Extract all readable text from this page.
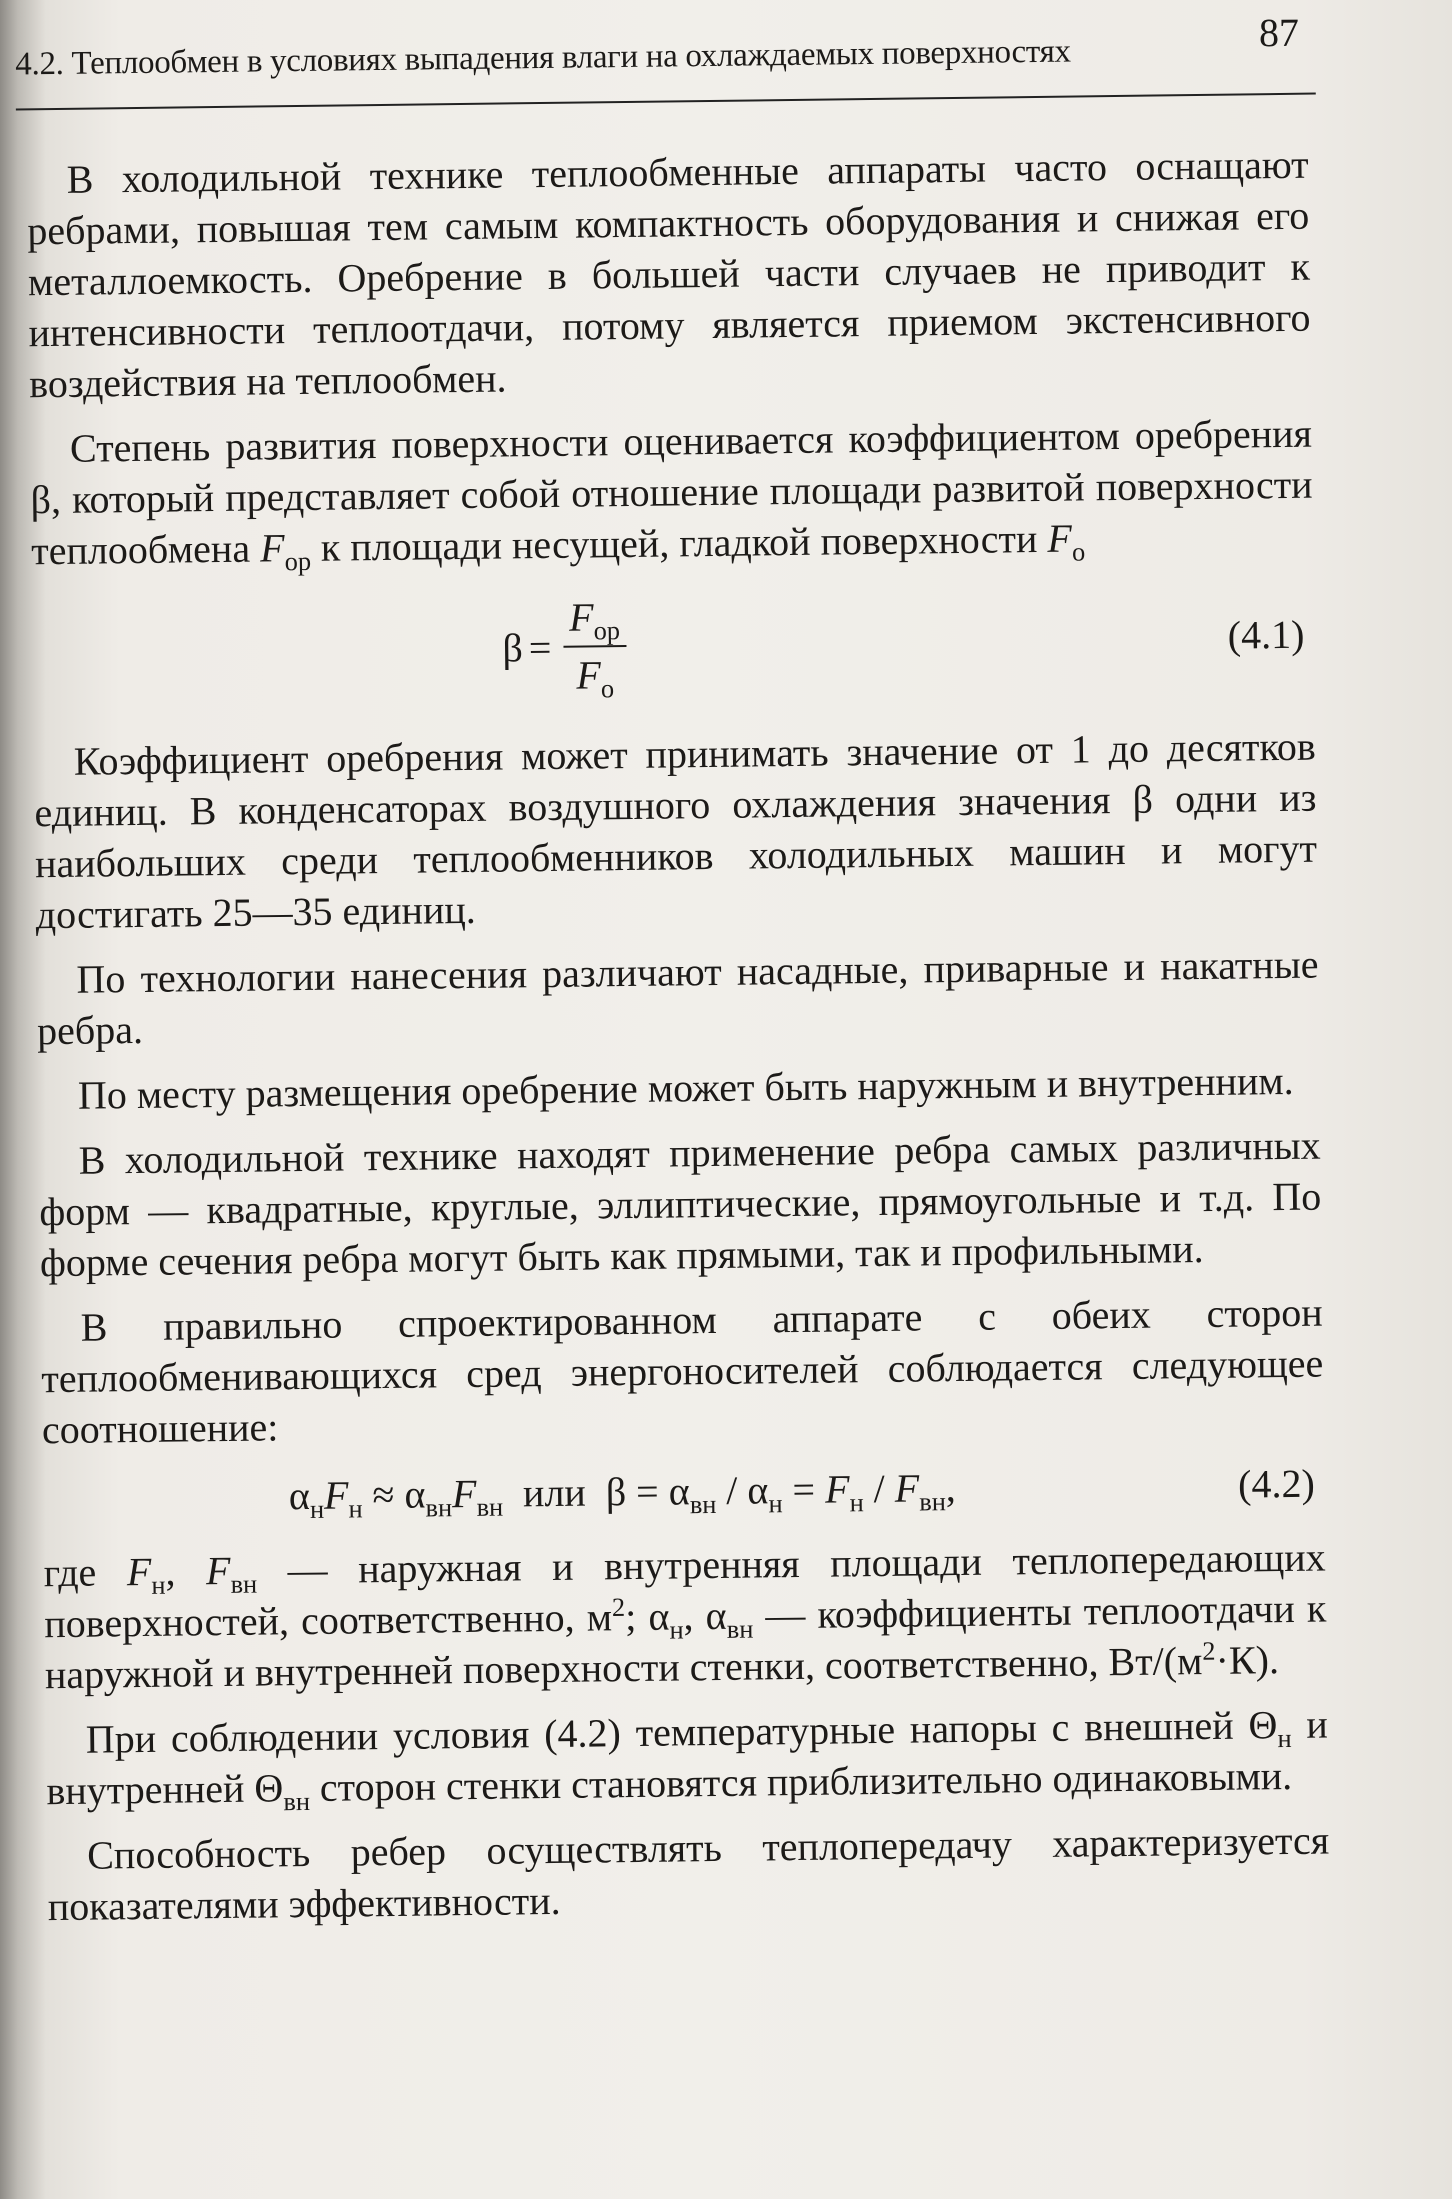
4.2. Теплообмен в условиях выпадения влаги на охлаждаемых поверхностях
87

В холодильной технике теплообменные аппараты часто оснащают ребрами, повышая тем самым компактность оборудования и снижая его металлоемкость. Оребрение в большей части случаев не приводит к интенсивности теплоотдачи, потому является приемом экстенсивного воздействия на теплообмен.

Степень развития поверхности оценивается коэффициентом оребрения β, который представляет собой отношение площади развитой поверхности теплообмена $F_{ор}$ к площади несущей, гладкой поверхности $F_о$

$\beta = \frac{F_{ор}}{F_о}$	(4.1)

Коэффициент оребрения может принимать значение от 1 до десятков единиц. В конденсаторах воздушного охлаждения значения β одни из наибольших среди теплообменников холодильных машин и могут достигать 25—35 единиц.

По технологии нанесения различают насадные, приварные и накатные ребра.

По месту размещения оребрение может быть наружным и внутренним.

В холодильной технике находят применение ребра самых различных форм — квадратные, круглые, эллиптические, прямоугольные и т.д. По форме сечения ребра могут быть как прямыми, так и профильными.

В правильно спроектированном аппарате с обеих сторон теплообменивающихся сред энергоносителей соблюдается следующее соотношение:

$\alpha_нF_н \approx \alpha_{вн}F_{вн}$  или  $\beta = \alpha_{вн} / \alpha_н = F_н / F_{вн}$,	(4.2)

где $F_н$, $F_{вн}$ — наружная и внутренняя площади теплопередающих поверхностей, соответственно, $м^2$; $\alpha_н$, $\alpha_{вн}$ — коэффициенты теплоотдачи к наружной и внутренней поверхности стенки, соответственно, $Вт/(м^2\cdot К)$.

При соблюдении условия (4.2) температурные напоры с внешней $\Theta_н$ и внутренней $\Theta_{вн}$ сторон стенки становятся приблизительно одинаковыми.

Способность ребер осуществлять теплопередачу характеризуется показателями эффективности.
